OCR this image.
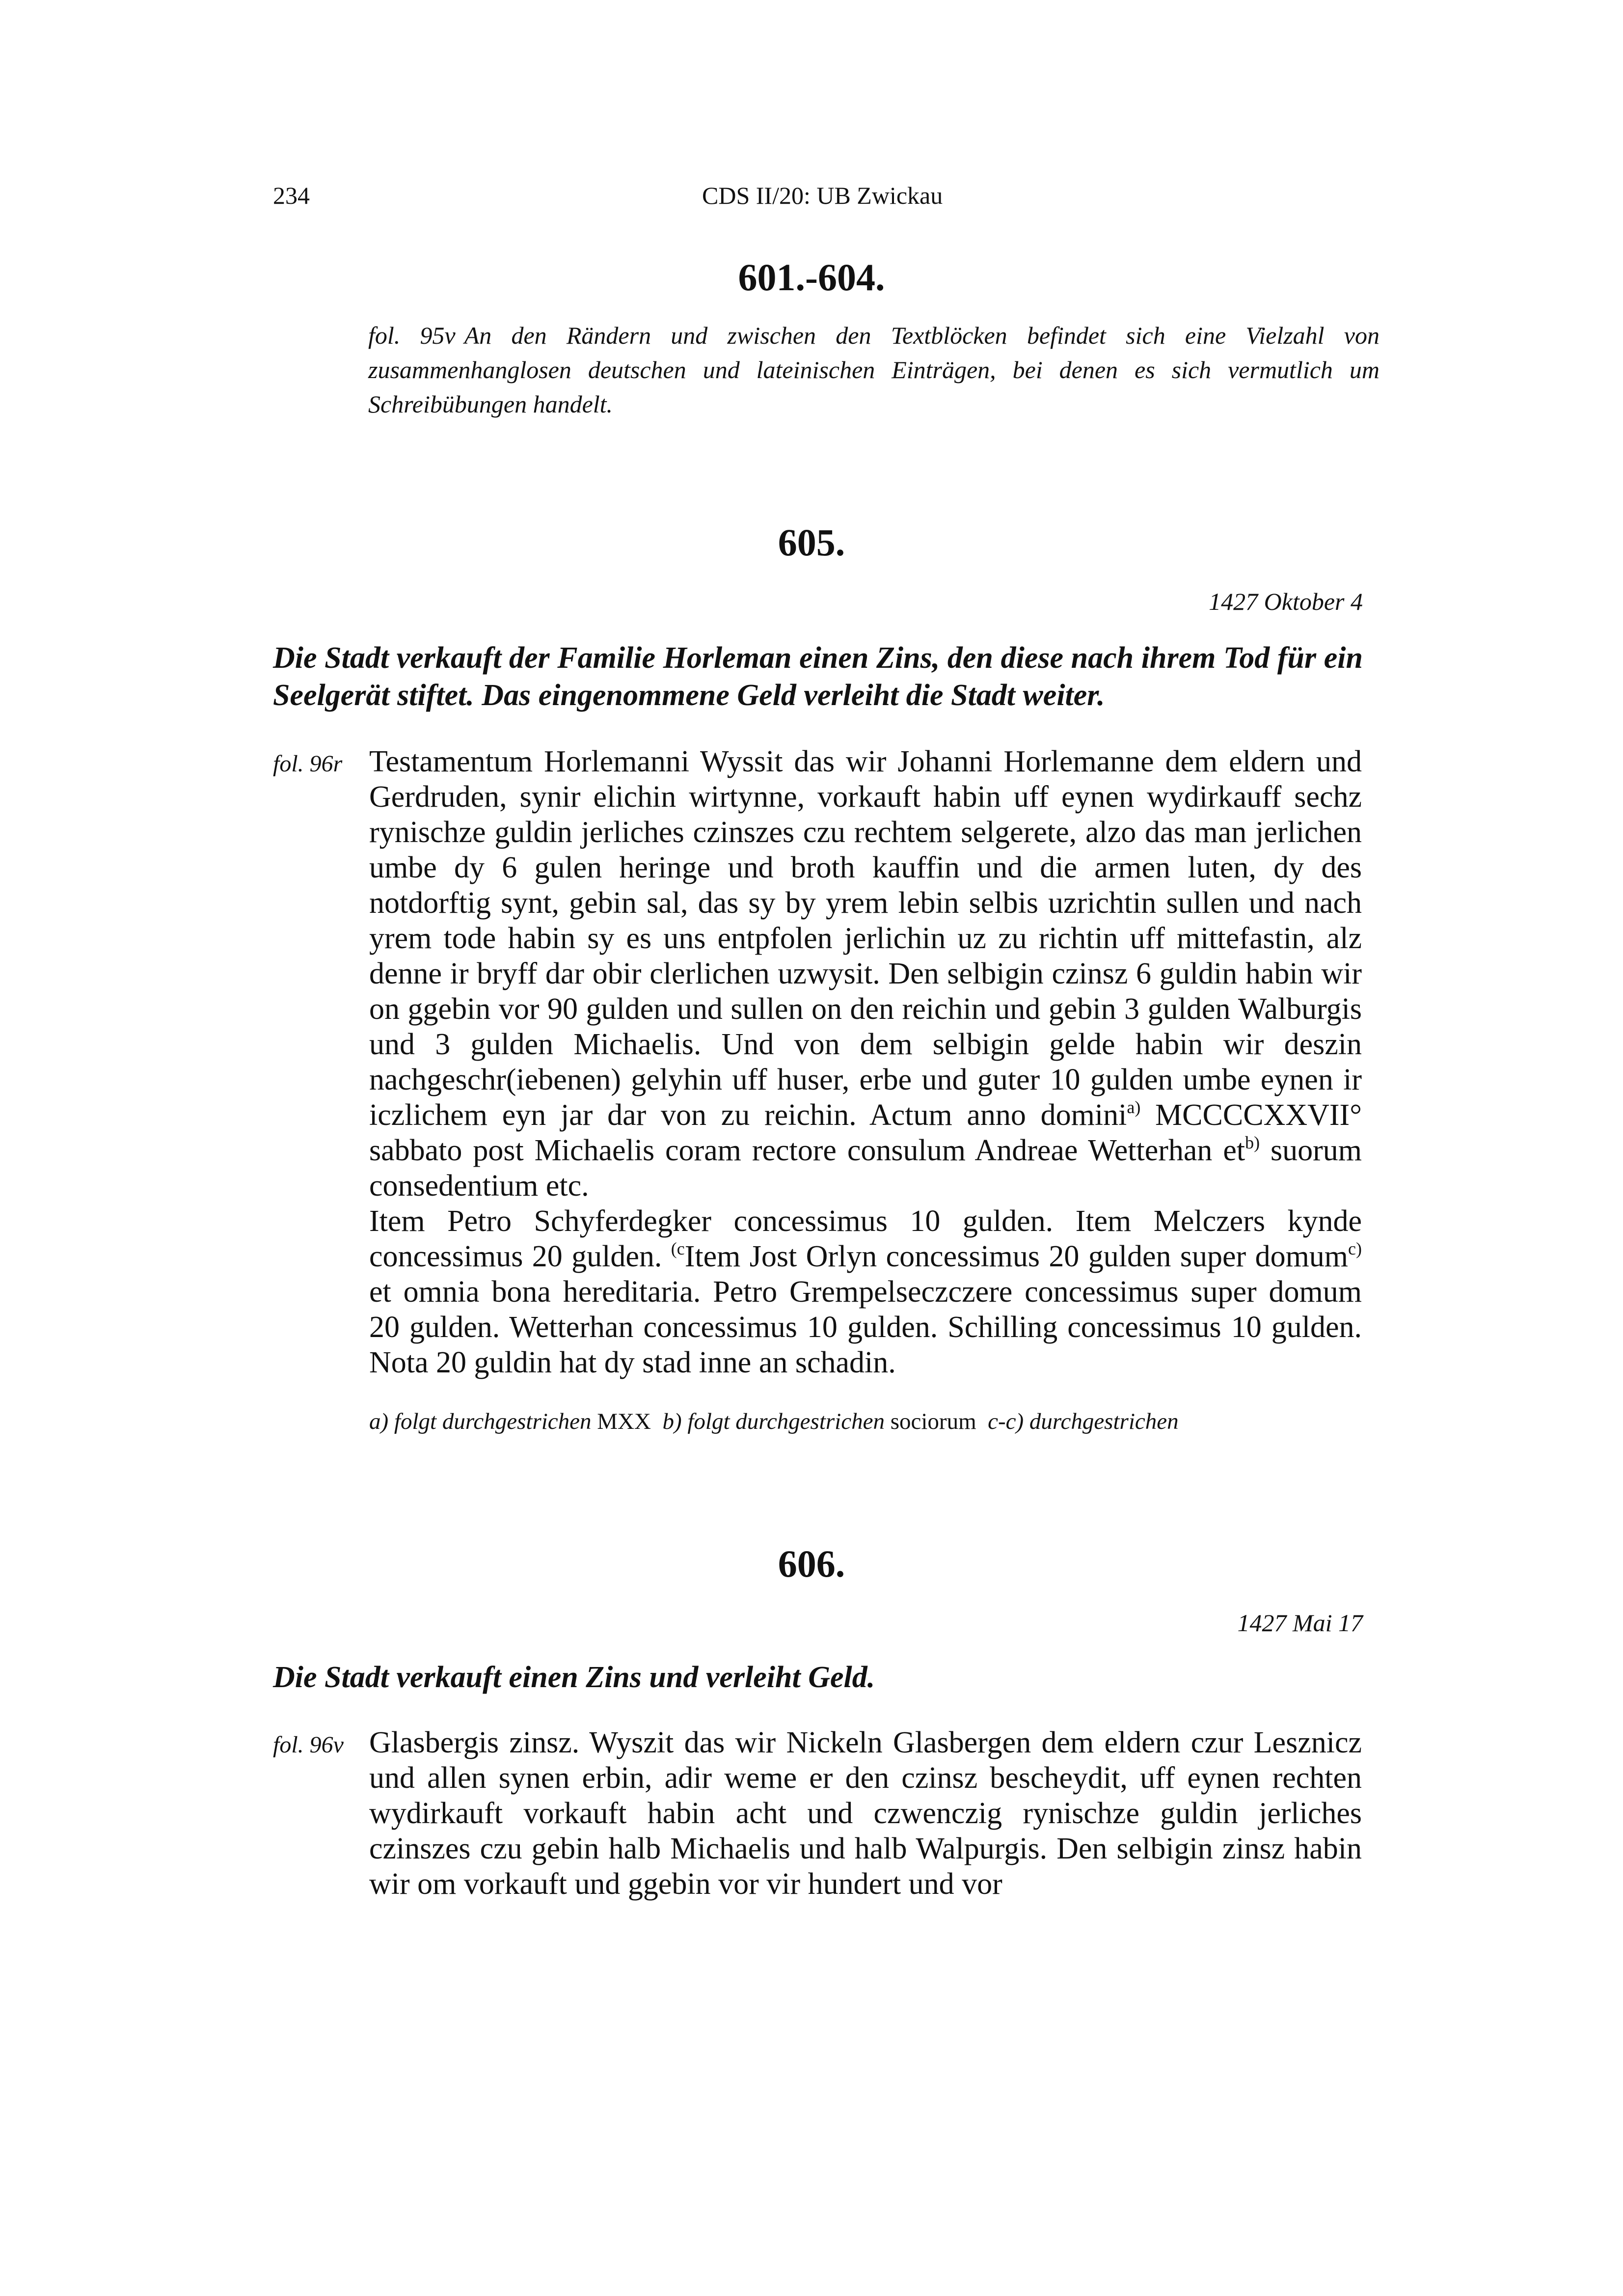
234	CDS II/20: UB Zwickau
601.-604.
fol. 95v An den Rändern und zwischen den Textblöcken befindet sich eine Vielzahl von zusammenhanglosen deutschen und lateinischen Einträgen, bei denen es sich vermutlich um Schreibübungen handelt.
605.
1427 Oktober 4
Die Stadt verkauft der Familie Horleman einen Zins, den diese nach ihrem Tod für ein Seelgerät stiftet. Das eingenommene Geld verleiht die Stadt weiter.
fol. 96r Testamentum Horlemanni Wyssit das wir Johanni Horlemanne dem eldern und Gerdruden, synir elichin wirtynne, vorkauft habin uff eynen wydirkauff sechz rynischze guldin jerliches czinszes czu rechtem selgerete, alzo das man jerlichen umbe dy 6 gulen heringe und broth kauffin und die armen luten, dy des notdorftig synt, gebin sal, das sy by yrem lebin selbis uzrichtin sullen und nach yrem tode habin sy es uns entpfolen jerlichin uz zu richtin uff mittefastin, alz denne ir bryff dar obir clerlichen uzwysit. Den selbigin czinsz 6 guldin habin wir on ggebin vor 90 gulden und sullen on den reichin und gebin 3 gulden Walburgis und 3 gulden Michaelis. Und von dem selbigin gelde habin wir deszin nachgeschr(iebenen) gelyhin uff huser, erbe und guter 10 gulden umbe eynen ir iczlichem eyn jar dar von zu reichin. Actum anno domini$^{a)}$ MCCCCXXVII° sabbato post Michaelis coram rectore consulum Andreae Wetterhan $et^{b)}$ suorum consedentium etc.

Item Petro Schyferdegker concessimus 10 gulden. Item Melczers kynde concessimus 20 gulden. $^{(c}$Item Jost Orlyn concessimus 20 gulden super domum$^{c)}$ et omnia bona hereditaria. Petro Grempelseczczere concessimus super domum 20 gulden. Wetterhan concessimus 10 gulden. Schilling concessimus 10 gulden. Nota 20 guldin hat dy stad inne an schadin.

a) folgt durchgestrichen MXX b) folgt durchgestrichen sociorum c-c) durchgestrichen
606.
1427 Mai 17
Die Stadt verkauft einen Zins und verleiht Geld.
fol. 96v Glasbergis zinsz. Wyszit das wir Nickeln Glasbergen dem eldern czur Lesznicz und allen synen erbin, adir weme er den czinsz bescheydit, uff eynen rechten wydirkauft vorkauft habin acht und czwenczig rynischze guldin jerliches czinszes czu gebin halb Michaelis und halb Walpurgis. Den selbigin zinsz habin wir om vorkauft und ggebin vor vir hundert und vor
